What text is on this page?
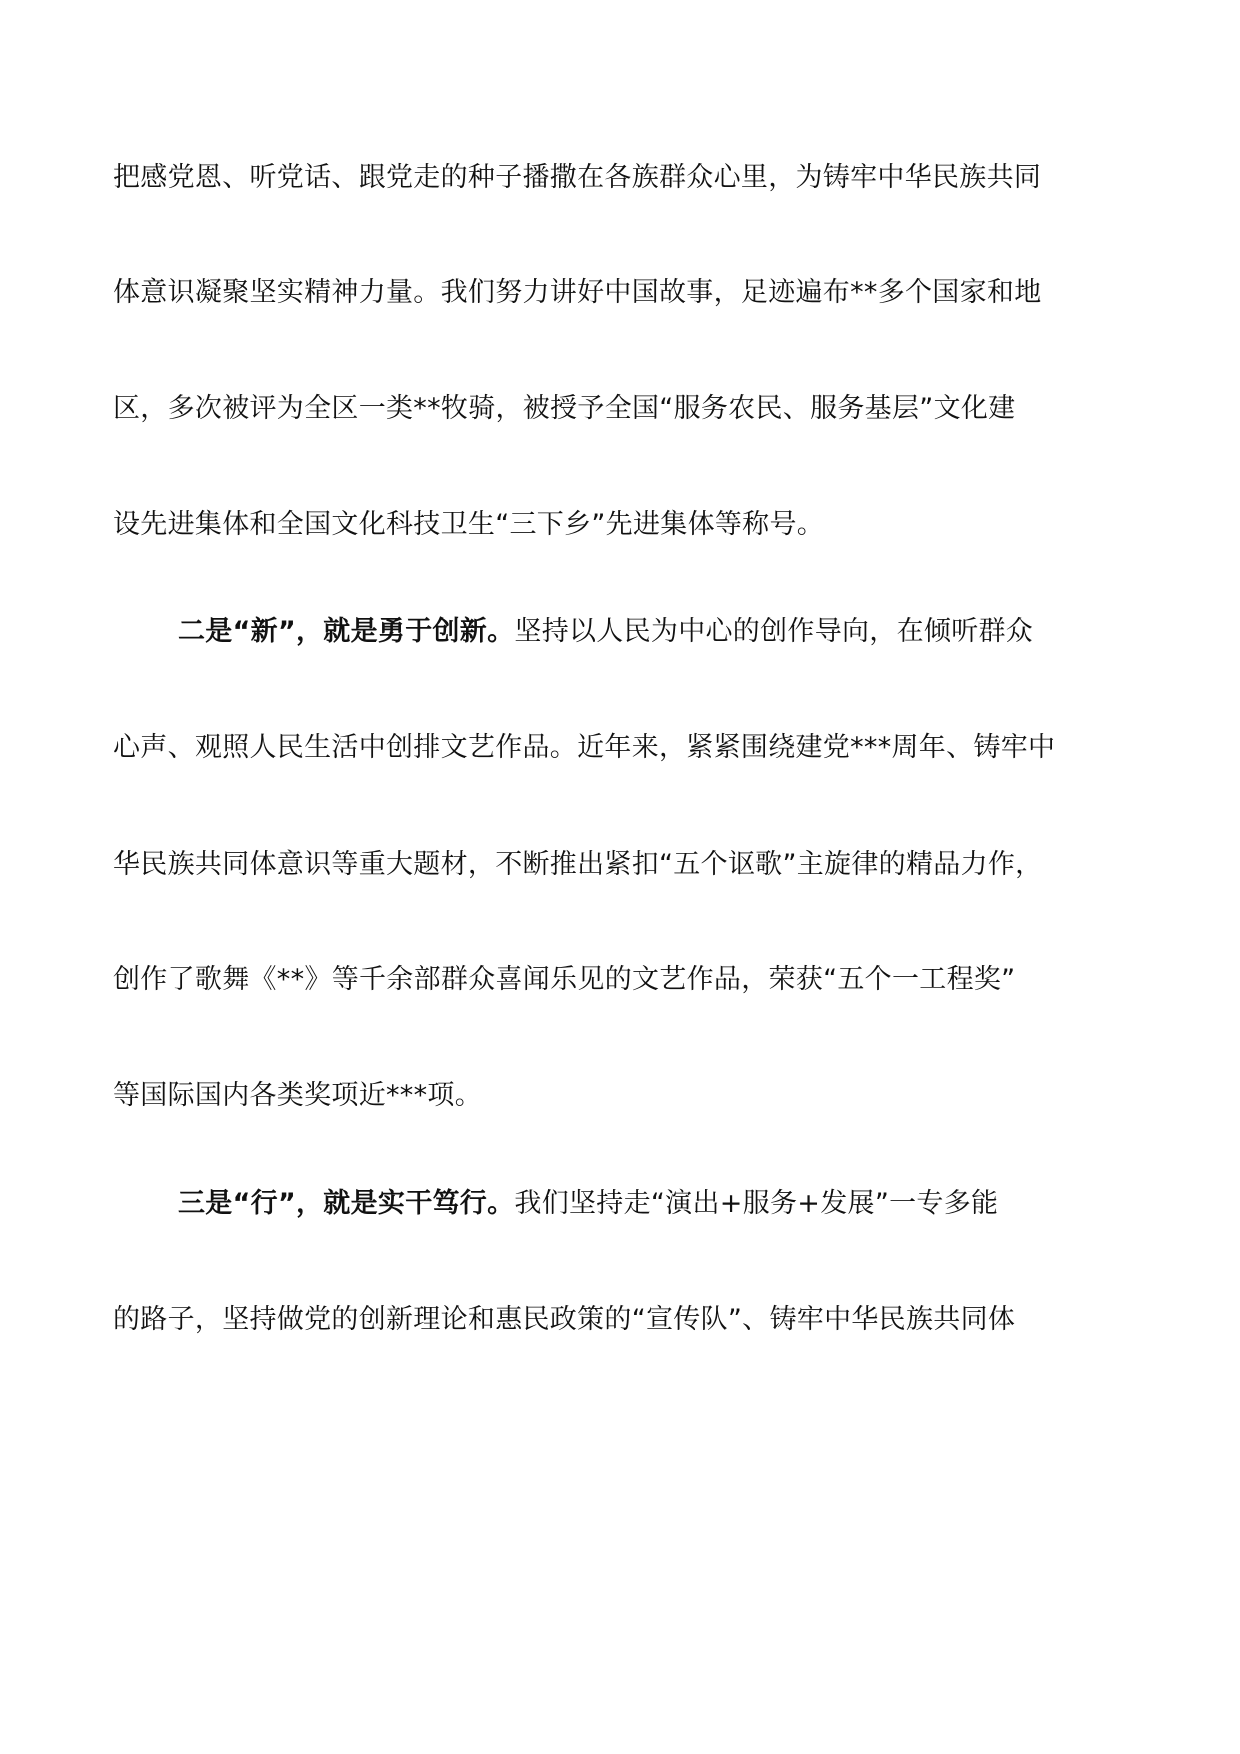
把感党恩、听党话、跟党走的种子播撒在各族群众心里，为铸牢中华民族共同
体意识凝聚坚实精神力量。我们努力讲好中国故事，足迹遍布**多个国家和地
区，多次被评为全区一类**牧骑，被授予全国“服务农民、服务基层”文化建
设先进集体和全国文化科技卫生“三下乡”先进集体等称号。
二是“新”，就是勇于创新。坚持以人民为中心的创作导向，在倾听群众
心声、观照人民生活中创排文艺作品。近年来，紧紧围绕建党***周年、铸牢中
华民族共同体意识等重大题材，不断推出紧扣“五个讴歌”主旋律的精品力作，
创作了歌舞《**》等千余部群众喜闻乐见的文艺作品，荣获“五个一工程奖”
等国际国内各类奖项近***项。
三是“行”，就是实干笃行。我们坚持走“演出+服务+发展”一专多能
的路子，坚持做党的创新理论和惠民政策的“宣传队”、铸牢中华民族共同体
